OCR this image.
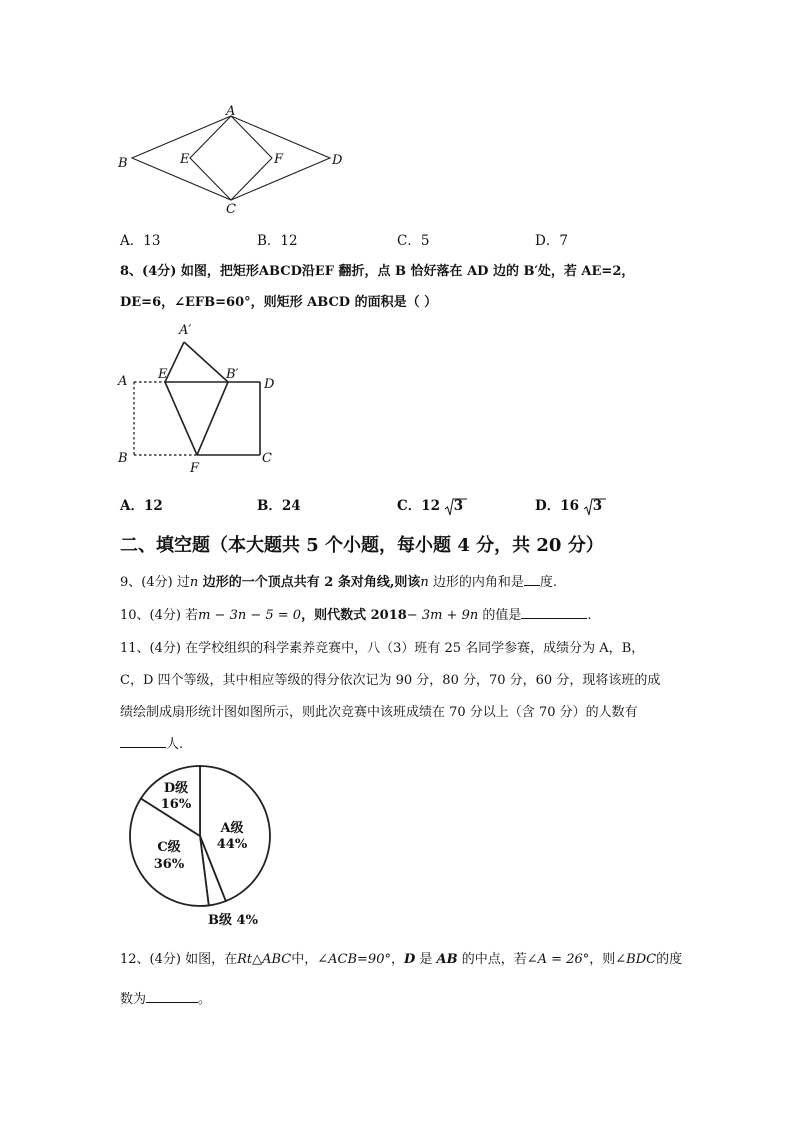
A
B
C
D
E	F
A．13	B．12	C．5	D．7
8、(4分) 如图，把矩形ABCD沿EF 翻折，点 B 恰好落在 AD 边的 B′处，若 AE=2，
DE=6，∠EFB=60°，则矩形 ABCD 的面积是（ ）
A′
A E	B′
D
B
F
C
A．12	B．24	C．12 3	D．16 3
二、填空题（本大题共 5 个小题，每小题 4 分，共 20 分）
9、(4分) 过n 边形的一个顶点共有 2 条对角线,则该n 边形的内角和是 度.
10、(4分) 若m − 3n − 5 = 0，则代数式 2018− 3m + 9n 的值是	.
11、(4分) 在学校组织的科学素养竞赛中，八（3）班有 25 名同学参赛，成绩分为 A，B，
C，D 四个等级，其中相应等级的得分依次记为 90 分，80 分，70 分，60 分，现将该班的成
绩绘制成扇形统计图如图所示，则此次竞赛中该班成绩在 70 分以上（含 70 分）的人数有
人.
D级
16%
A级
44%
C级
36%
B级 4%
12、(4分) 如图，在Rt△ABC中，∠ACB=90°，D 是 AB 的中点，若∠A = 26°，则∠BDC的度
数为	。
